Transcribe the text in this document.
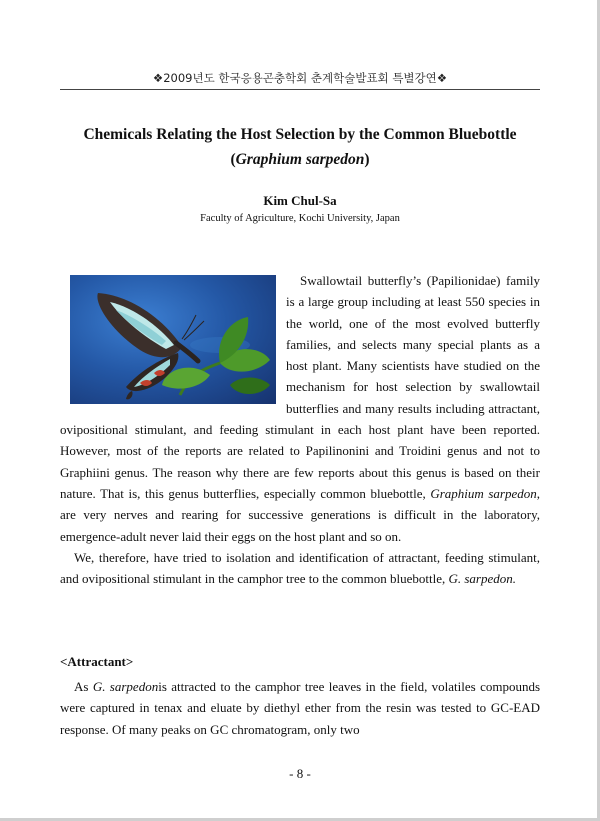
❖2009년도 한국응용곤충학회 춘계학술발표회 특별강연❖
Chemicals Relating the Host Selection by the Common Bluebottle
(Graphium sarpedon)
Kim Chul-Sa
Faculty of Agriculture, Kochi University, Japan

Swallowtail butterfly’s (Papilionidae) family is a large group including at least 550 species in the world, one of the most evolved butterfly families, and selects many special plants as a host plant. Many scientists have studied on the mechanism for host selection by swallowtail butterflies and many results including attractant, ovipositional stimulant, and feeding stimulant in each host plant have been reported. However, most of the reports are related to Papilinonini and Troidini genus and not to Graphiini genus. The reason why there are few reports about this genus is based on their nature. That is, this genus butterflies, especially common bluebottle, Graphium sarpedon, are very nerves and rearing for successive generations is difficult in the laboratory, emergence-adult never laid their eggs on the host plant and so on.

We, therefore, have tried to isolation and identification of attractant, feeding stimulant, and ovipositional stimulant in the camphor tree to the common bluebottle, G. sarpedon.

<Attractant>

As G. sarpedonis attracted to the camphor tree leaves in the field, volatiles compounds were captured in tenax and eluate by diethyl ether from the resin was tested to GC-EAD response. Of many peaks on GC chromatogram, only two

- 8 -
